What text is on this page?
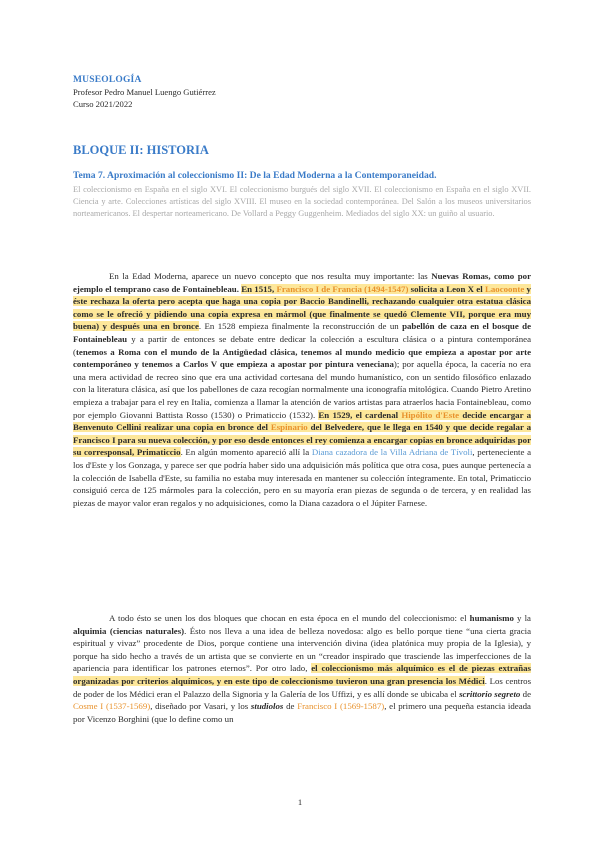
MUSEOLOGÍA
Profesor Pedro Manuel Luengo Gutiérrez
Curso 2021/2022
BLOQUE II: HISTORIA
Tema 7. Aproximación al coleccionismo II: De la Edad Moderna a la Contemporaneidad.
El coleccionismo en España en el siglo XVI. El coleccionismo burgués del siglo XVII. El coleccionismo en España en el siglo XVII. Ciencia y arte. Colecciones artísticas del siglo XVIII. El museo en la sociedad contemporánea. Del Salón a los museos universitarios norteamericanos. El despertar norteamericano. De Vollard a Peggy Guggenheim. Mediados del siglo XX: un guiño al usuario.
En la Edad Moderna, aparece un nuevo concepto que nos resulta muy importante: las Nuevas Romas, como por ejemplo el temprano caso de Fontainebleau. En 1515, Francisco I de Francia (1494-1547) solicita a Leon X el Laocoonte y éste rechaza la oferta pero acepta que haga una copia por Baccio Bandinelli, rechazando cualquier otra estatua clásica como se le ofreció y pidiendo una copia expresa en mármol (que finalmente se quedó Clemente VII, porque era muy buena) y después una en bronce. En 1528 empieza finalmente la reconstrucción de un pabellón de caza en el bosque de Fontainebleau y a partir de entonces se debate entre dedicar la colección a escultura clásica o a pintura contemporánea (tenemos a Roma con el mundo de la Antigüedad clásica, tenemos al mundo medicio que empieza a apostar por arte contemporáneo y tenemos a Carlos V que empieza a apostar por pintura veneciana); por aquella época, la cacería no era una mera actividad de recreo sino que era una actividad cortesana del mundo humanístico, con un sentido filosófico enlazado con la literatura clásica, así que los pabellones de caza recogían normalmente una iconografía mitológica. Cuando Pietro Aretino empieza a trabajar para el rey en Italia, comienza a llamar la atención de varios artistas para atraerlos hacia Fontainebleau, como por ejemplo Giovanni Battista Rosso (1530) o Primaticcio (1532). En 1529, el cardenal Hipólito d'Este decide encargar a Benvenuto Cellini realizar una copia en bronce del Espinario del Belvedere, que le llega en 1540 y que decide regalar a Francisco I para su nueva colección, y por eso desde entonces el rey comienza a encargar copias en bronce adquiridas por su corresponsal, Primaticcio. En algún momento apareció allí la Diana cazadora de la Villa Adriana de Tívoli, perteneciente a los d'Este y los Gonzaga, y parece ser que podría haber sido una adquisición más política que otra cosa, pues aunque pertenecía a la colección de Isabella d'Este, su familia no estaba muy interesada en mantener su colección íntegramente. En total, Primaticcio consiguió cerca de 125 mármoles para la colección, pero en su mayoría eran piezas de segunda o de tercera, y en realidad las piezas de mayor valor eran regalos y no adquisiciones, como la Diana cazadora o el Júpiter Farnese.
A todo ésto se unen los dos bloques que chocan en esta época en el mundo del coleccionismo: el humanismo y la alquimia (ciencias naturales). Ésto nos lleva a una idea de belleza novedosa: algo es bello porque tiene “una cierta gracia espiritual y vivaz” procedente de Dios, porque contiene una intervención divina (idea platónica muy propia de la Iglesia), y porque ha sido hecho a través de un artista que se convierte en un “creador inspirado que trasciende las imperfecciones de la apariencia para identificar los patrones eternos”. Por otro lado, el coleccionismo más alquímico es el de piezas extrañas organizadas por criterios alquímicos, y en este tipo de coleccionismo tuvieron una gran presencia los Médici. Los centros de poder de los Médici eran el Palazzo della Signoria y la Galería de los Uffizi, y es allí donde se ubicaba el scrittorio segreto de Cosme I (1537-1569), diseñado por Vasari, y los studiolos de Francisco I (1569-1587), el primero una pequeña estancia ideada por Vicenzo Borghini (que lo define como un
1
